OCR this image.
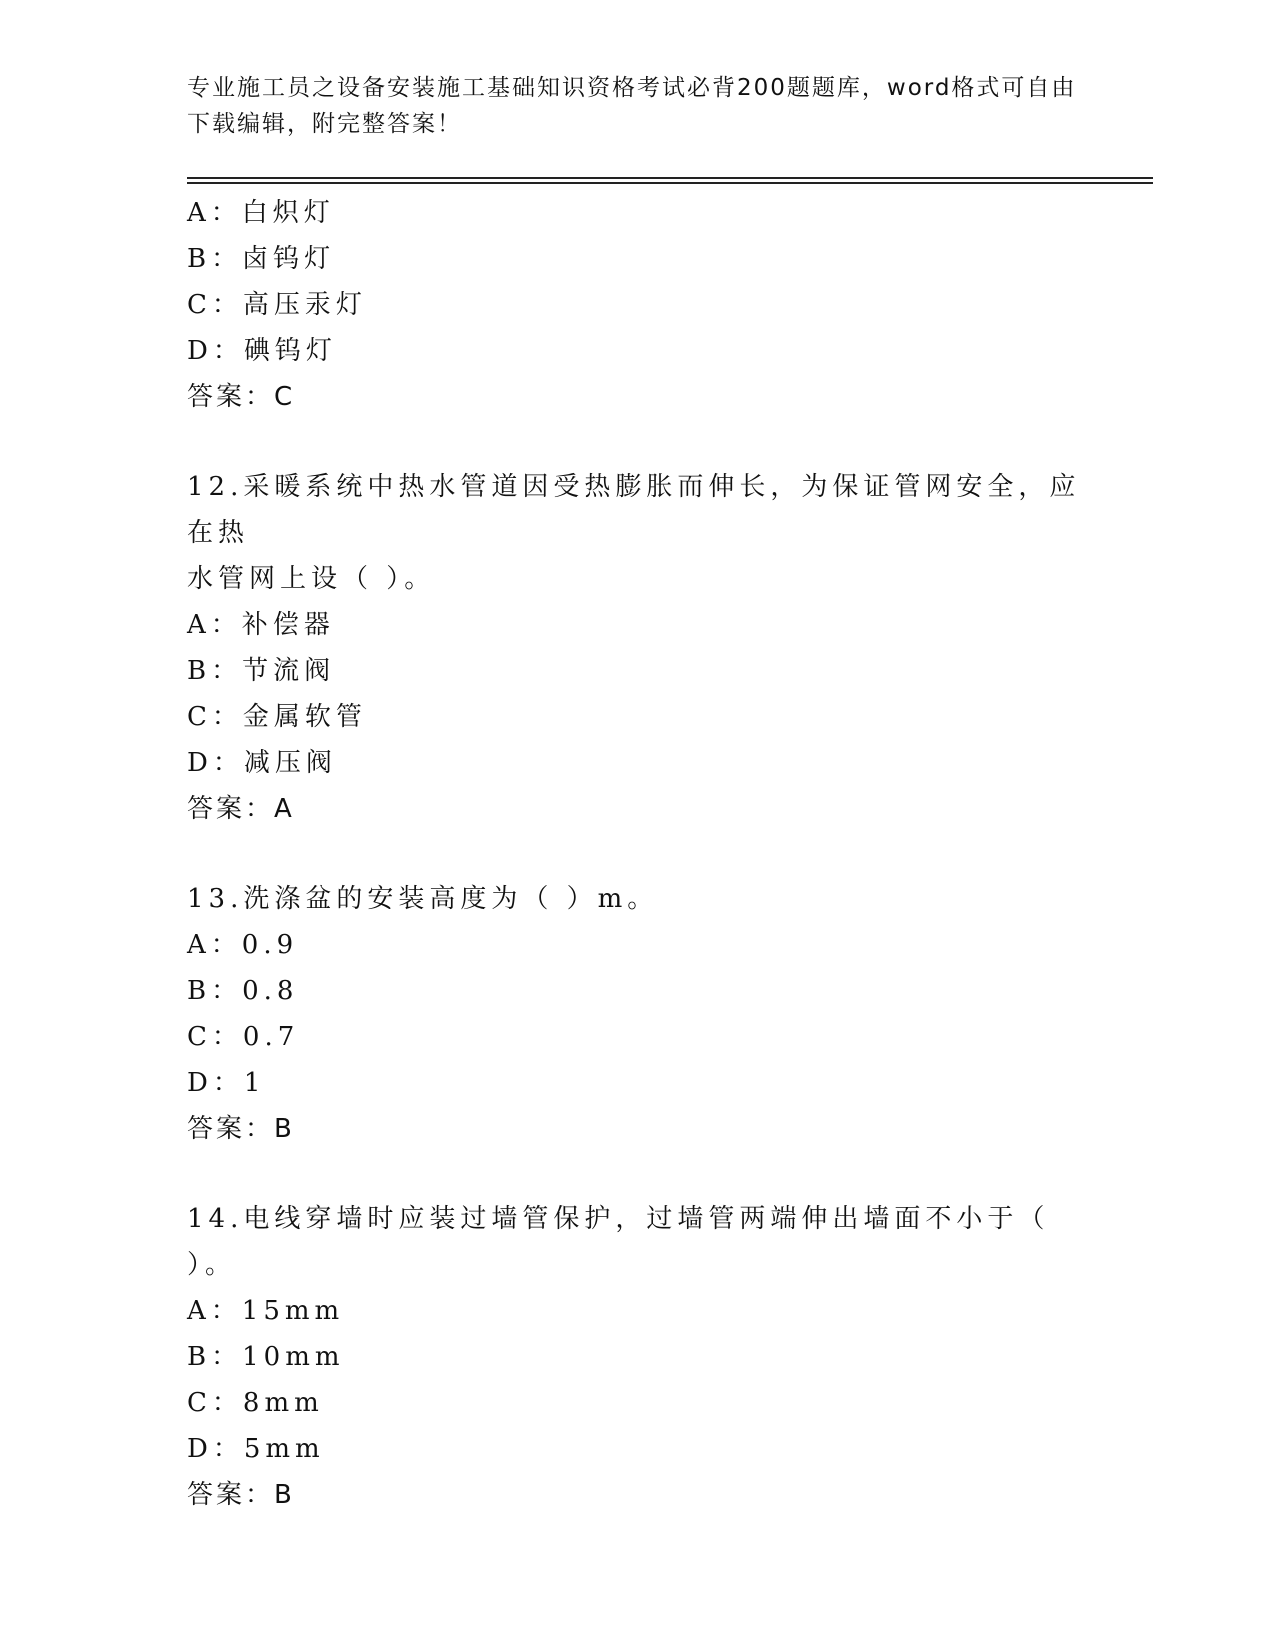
专业施工员之设备安装施工基础知识资格考试必背200题题库，word格式可自由
下载编辑，附完整答案！
A：白炽灯
B：卤钨灯
C：高压汞灯
D：碘钨灯
答案：C
12.采暖系统中热水管道因受热膨胀而伸长，为保证管网安全，应在热
水管网上设（ ）。
A：补偿器
B：节流阀
C：金属软管
D：减压阀
答案：A
13.洗涤盆的安装高度为（ ）m。
A：0.9
B：0.8
C：0.7
D：1
答案：B
14.电线穿墙时应装过墙管保护，过墙管两端伸出墙面不小于（ ）。
A：15mm
B：10mm
C：8mm
D：5mm
答案：B
